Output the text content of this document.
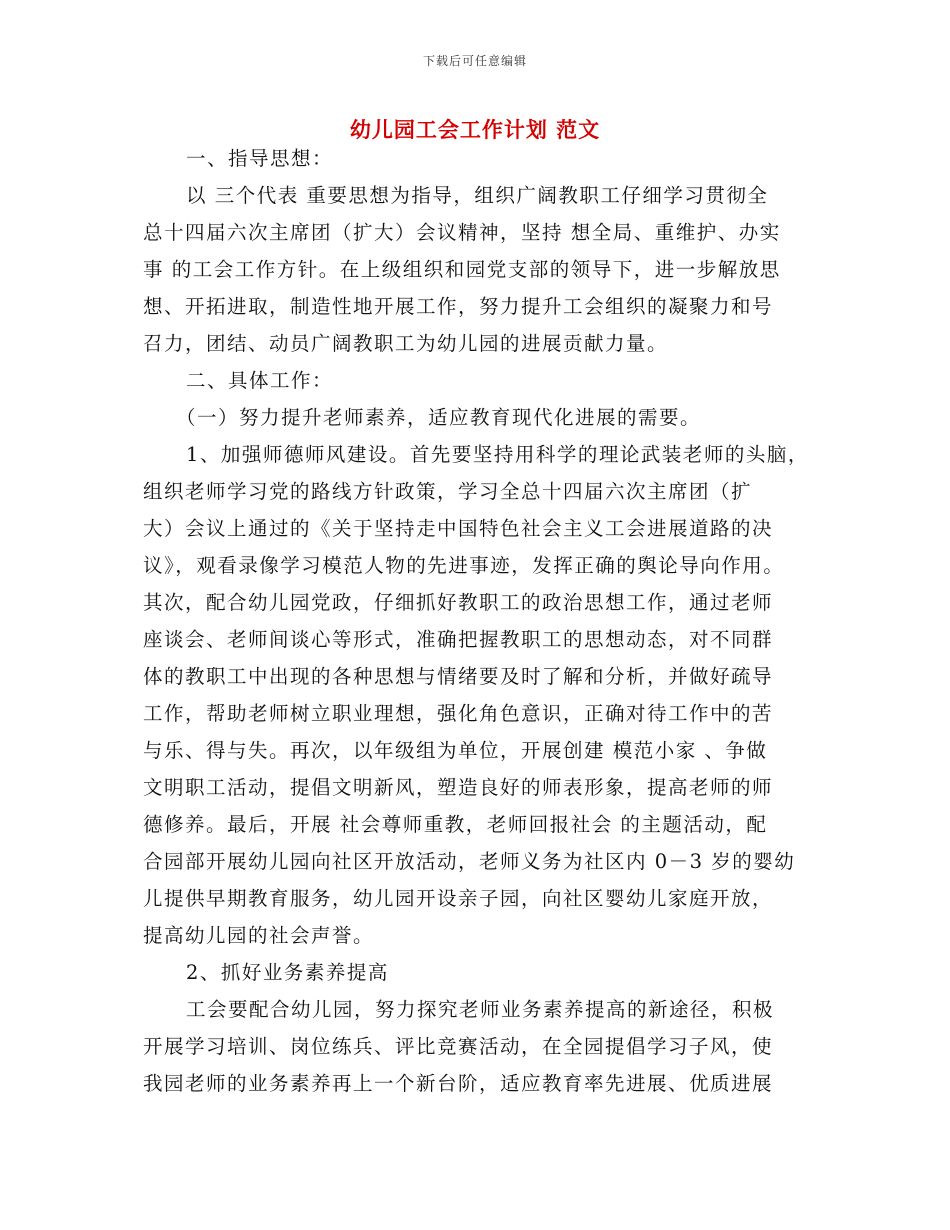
下载后可任意编辑
幼儿园工会工作计划 范文
一、指导思想：
以 三个代表 重要思想为指导，组织广阔教职工仔细学习贯彻全
总十四届六次主席团（扩大）会议精神，坚持 想全局、重维护、办实
事 的工会工作方针。在上级组织和园党支部的领导下，进一步解放思
想、开拓进取，制造性地开展工作，努力提升工会组织的凝聚力和号
召力，团结、动员广阔教职工为幼儿园的进展贡献力量。
二、具体工作：
（一）努力提升老师素养，适应教育现代化进展的需要。
1、加强师德师风建设。首先要坚持用科学的理论武装老师的头脑，
组织老师学习党的路线方针政策，学习全总十四届六次主席团（扩
大）会议上通过的《关于坚持走中国特色社会主义工会进展道路的决
议》，观看录像学习模范人物的先进事迹，发挥正确的舆论导向作用。
其次，配合幼儿园党政，仔细抓好教职工的政治思想工作，通过老师
座谈会、老师间谈心等形式，准确把握教职工的思想动态，对不同群
体的教职工中出现的各种思想与情绪要及时了解和分析，并做好疏导
工作，帮助老师树立职业理想，强化角色意识，正确对待工作中的苦
与乐、得与失。再次，以年级组为单位，开展创建 模范小家 、争做
文明职工活动，提倡文明新风，塑造良好的师表形象，提高老师的师
德修养。最后，开展 社会尊师重教，老师回报社会 的主题活动，配
合园部开展幼儿园向社区开放活动，老师义务为社区内 0－3 岁的婴幼
儿提供早期教育服务，幼儿园开设亲子园，向社区婴幼儿家庭开放，
提高幼儿园的社会声誉。
2、抓好业务素养提高
工会要配合幼儿园，努力探究老师业务素养提高的新途径，积极
开展学习培训、岗位练兵、评比竞赛活动，在全园提倡学习子风，使
我园老师的业务素养再上一个新台阶，适应教育率先进展、优质进展
